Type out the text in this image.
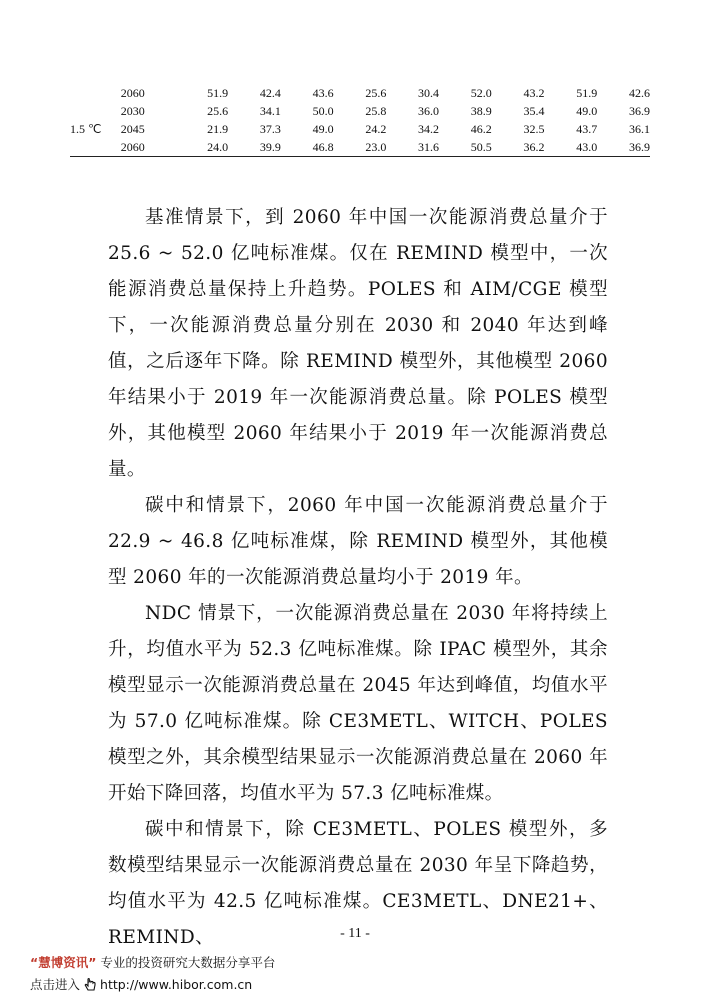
	2060	51.9	42.4	43.6	25.6	30.4	52.0	43.2	51.9	42.6
	2030	25.6	34.1	50.0	25.8	36.0	38.9	35.4	49.0	36.9
1.5 ℃	2045	21.9	37.3	49.0	24.2	34.2	46.2	32.5	43.7	36.1
	2060	24.0	39.9	46.8	23.0	31.6	50.5	36.2	43.0	36.9

基准情景下，到 2060 年中国一次能源消费总量介于 25.6 ~ 52.0 亿吨标准煤。仅在 REMIND 模型中，一次能源消费总量保持上升趋势。POLES 和 AIM/CGE 模型下，一次能源消费总量分别在 2030 和 2040 年达到峰值，之后逐年下降。除 REMIND 模型外，其他模型 2060 年结果小于 2019 年一次能源消费总量。除 POLES 模型外，其他模型 2060 年结果小于 2019 年一次能源消费总量。

碳中和情景下，2060 年中国一次能源消费总量介于 22.9 ~ 46.8 亿吨标准煤，除 REMIND 模型外，其他模型 2060 年的一次能源消费总量均小于 2019 年。

NDC 情景下，一次能源消费总量在 2030 年将持续上升，均值水平为 52.3 亿吨标准煤。除 IPAC 模型外，其余模型显示一次能源消费总量在 2045 年达到峰值，均值水平为 57.0 亿吨标准煤。除 CE3METL、WITCH、POLES 模型之外，其余模型结果显示一次能源消费总量在 2060 年开始下降回落，均值水平为 57.3 亿吨标准煤。

碳中和情景下，除 CE3METL、POLES 模型外，多数模型结果显示一次能源消费总量在 2030 年呈下降趋势，均值水平为 42.5 亿吨标准煤。CE3METL、DNE21+、REMIND、	- 11 -
“慧博资讯” 专业的投资研究大数据分享平台
点击进入 http://www.hibor.com.cn
